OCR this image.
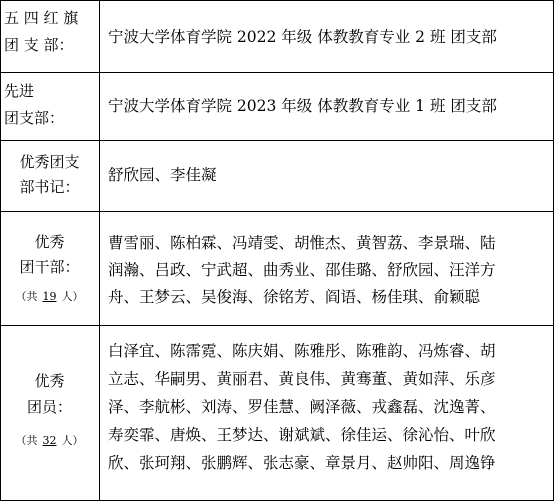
五 四 红 旗
团 支 部：	宁波大学体育学院 2022 年级 体教教育专业 2 班 团支部
先进
团支部：
宁波大学体育学院 2023 年级 体教教育专业 1 班 团支部
优秀团支
部书记：
舒欣园、李佳凝
优秀
团干部：
（共 19 人）
曹雪丽、陈柏霖、冯靖雯、胡惟杰、黄智荔、李景瑞、陆
润瀚、吕政、宁武超、曲秀业、邵佳璐、舒欣园、汪洋方
舟、王梦云、吴俊海、徐铭芳、阎语、杨佳琪、俞颖聪
优秀
团员：
（共 32 人）
白泽宜、陈霈霓、陈庆娟、陈雅彤、陈雅韵、冯炼睿、胡
立志、华嗣男、黄丽君、黄良伟、黄骞董、黄如萍、乐彦
泽、李航彬、刘涛、罗佳慧、阙泽薇、戎鑫磊、沈逸菁、
寿奕霏、唐焕、王梦达、谢斌斌、徐佳运、徐沁怡、叶欣
欣、张珂翔、张鹏辉、张志豪、章景月、赵帅阳、周逸铮
